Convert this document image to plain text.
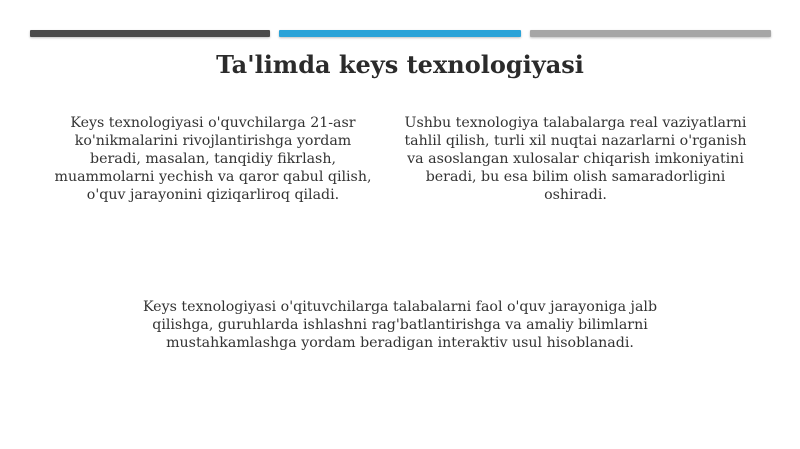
Ta'limda keys texnologiyasi
Keys texnologiyasi o'quvchilarga 21-asr ko'nikmalarini rivojlantirishga yordam beradi, masalan, tanqidiy fikrlash, muammolarni yechish va qaror qabul qilish, o'quv jarayonini qiziqarliroq qiladi.
Ushbu texnologiya talabalarga real vaziyatlarni tahlil qilish, turli xil nuqtai nazarlarni o'rganish va asoslangan xulosalar chiqarish imkoniyatini beradi, bu esa bilim olish samaradorligini oshiradi.
Keys texnologiyasi o'qituvchilarga talabalarni faol o'quv jarayoniga jalb qilishga, guruhlarda ishlashni rag'batlantirishga va amaliy bilimlarni mustahkamlashga yordam beradigan interaktiv usul hisoblanadi.
